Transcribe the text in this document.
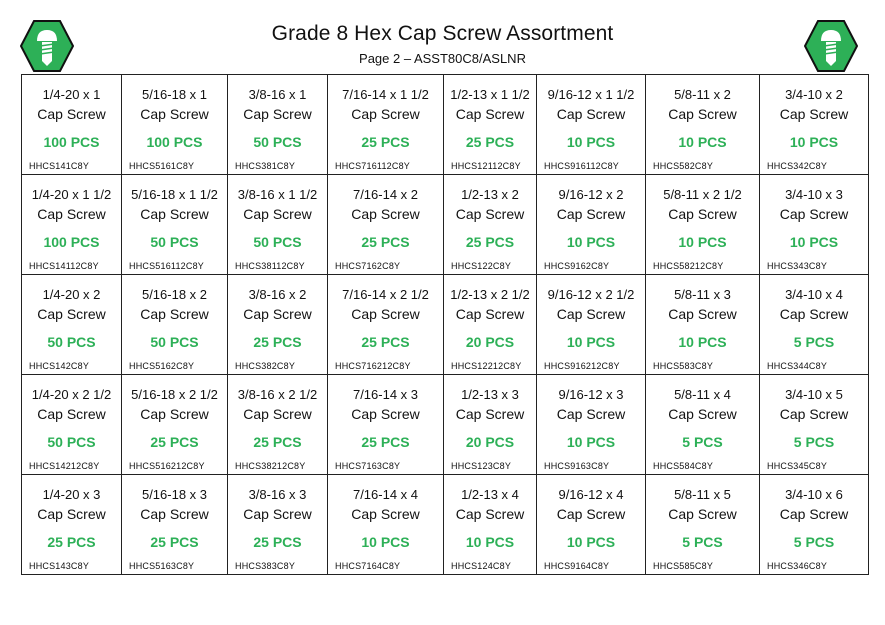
Grade 8 Hex Cap Screw Assortment
Page 2 – ASST80C8/ASLNR
1/4-20 x 1
Cap Screw
100 PCS
HHCS141C8Y
5/16-18 x 1
Cap Screw
100 PCS
HHCS5161C8Y
3/8-16 x 1
Cap Screw
50 PCS
HHCS381C8Y
7/16-14 x 1 1/2
Cap Screw
25 PCS
HHCS716112C8Y
1/2-13 x 1 1/2
Cap Screw
25 PCS
HHCS12112C8Y
9/16-12 x 1 1/2
Cap Screw
10 PCS
HHCS916112C8Y
5/8-11 x 2
Cap Screw
10 PCS
HHCS582C8Y
3/4-10 x 2
Cap Screw
10 PCS
HHCS342C8Y
1/4-20 x 1 1/2
Cap Screw
100 PCS
HHCS14112C8Y
5/16-18 x 1 1/2
Cap Screw
50 PCS
HHCS516112C8Y
3/8-16 x 1 1/2
Cap Screw
50 PCS
HHCS38112C8Y
7/16-14 x 2
Cap Screw
25 PCS
HHCS7162C8Y
1/2-13 x 2
Cap Screw
25 PCS
HHCS122C8Y
9/16-12 x 2
Cap Screw
10 PCS
HHCS9162C8Y
5/8-11 x 2 1/2
Cap Screw
10 PCS
HHCS58212C8Y
3/4-10 x 3
Cap Screw
10 PCS
HHCS343C8Y
1/4-20 x 2
Cap Screw
50 PCS
HHCS142C8Y
5/16-18 x 2
Cap Screw
50 PCS
HHCS5162C8Y
3/8-16 x 2
Cap Screw
25 PCS
HHCS382C8Y
7/16-14 x 2 1/2
Cap Screw
25 PCS
HHCS716212C8Y
1/2-13 x 2 1/2
Cap Screw
20 PCS
HHCS12212C8Y
9/16-12 x 2 1/2
Cap Screw
10 PCS
HHCS916212C8Y
5/8-11 x 3
Cap Screw
10 PCS
HHCS583C8Y
3/4-10 x 4
Cap Screw
5 PCS
HHCS344C8Y
1/4-20 x 2 1/2
Cap Screw
50 PCS
HHCS14212C8Y
5/16-18 x 2 1/2
Cap Screw
25 PCS
HHCS516212C8Y
3/8-16 x 2 1/2
Cap Screw
25 PCS
HHCS38212C8Y
7/16-14 x 3
Cap Screw
25 PCS
HHCS7163C8Y
1/2-13 x 3
Cap Screw
20 PCS
HHCS123C8Y
9/16-12 x 3
Cap Screw
10 PCS
HHCS9163C8Y
5/8-11 x 4
Cap Screw
5 PCS
HHCS584C8Y
3/4-10 x 5
Cap Screw
5 PCS
HHCS345C8Y
1/4-20 x 3
Cap Screw
25 PCS
HHCS143C8Y
5/16-18 x 3
Cap Screw
25 PCS
HHCS5163C8Y
3/8-16 x 3
Cap Screw
25 PCS
HHCS383C8Y
7/16-14 x 4
Cap Screw
10 PCS
HHCS7164C8Y
1/2-13 x 4
Cap Screw
10 PCS
HHCS124C8Y
9/16-12 x 4
Cap Screw
10 PCS
HHCS9164C8Y
5/8-11 x 5
Cap Screw
5 PCS
HHCS585C8Y
3/4-10 x 6
Cap Screw
5 PCS
HHCS346C8Y
